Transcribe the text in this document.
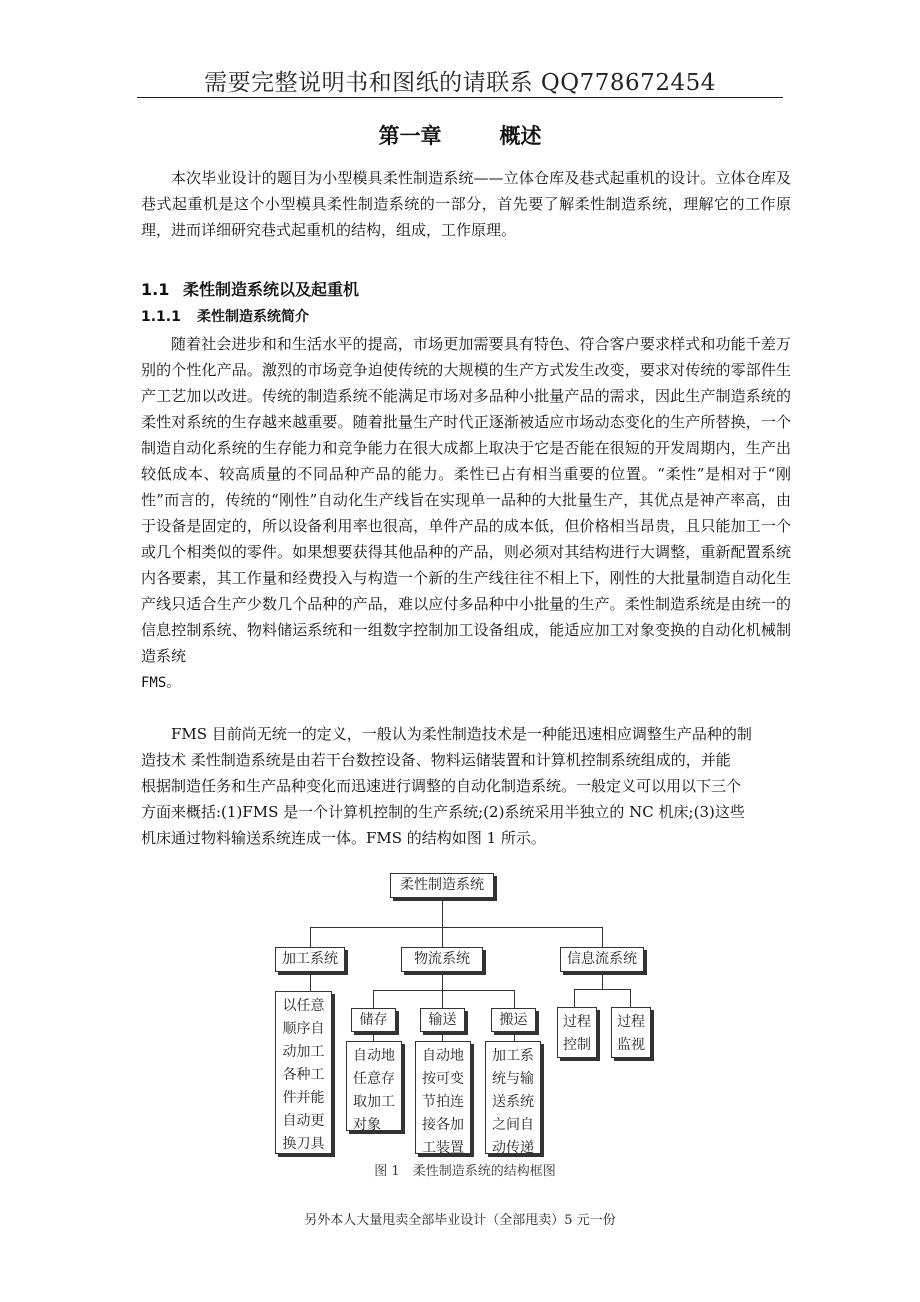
需要完整说明书和图纸的请联系 QQ778672454
第一章	概述

本次毕业设计的题目为小型模具柔性制造系统——立体仓库及巷式起重机的设计。立体仓库及巷式起重机是这个小型模具柔性制造系统的一部分，首先要了解柔性制造系统，理解它的工作原理，进而详细研究巷式起重机的结构，组成，工作原理。

1.1 柔性制造系统以及起重机
1.1.1 柔性制造系统简介

随着社会进步和和生活水平的提高，市场更加需要具有特色、符合客户要求样式和功能千差万别的个性化产品。激烈的市场竞争迫使传统的大规模的生产方式发生改变，要求对传统的零部件生产工艺加以改进。传统的制造系统不能满足市场对多品种小批量产品的需求，因此生产制造系统的柔性对系统的生存越来越重要。随着批量生产时代正逐渐被适应市场动态变化的生产所替换，一个制造自动化系统的生存能力和竞争能力在很大成都上取决于它是否能在很短的开发周期内，生产出较低成本、较高质量的不同品种产品的能力。柔性已占有相当重要的位置。“柔性”是相对于“刚性”而言的，传统的“刚性”自动化生产线旨在实现单一品种的大批量生产，其优点是神产率高，由于设备是固定的，所以设备利用率也很高，单件产品的成本低，但价格相当昂贵，且只能加工一个或几个相类似的零件。如果想要获得其他品种的产品，则必须对其结构进行大调整，重新配置系统内各要素，其工作量和经费投入与构造一个新的生产线往往不相上下，刚性的大批量制造自动化生产线只适合生产少数几个品种的产品，难以应付多品种中小批量的生产。柔性制造系统是由统一的信息控制系统、物料储运系统和一组数字控制加工设备组成，能适应加工对象变换的自动化机械制造系统
FMS。

FMS 目前尚无统一的定义，一般认为柔性制造技术是一种能迅速相应调整生产品种的制
造技术 柔性制造系统是由若干台数控设备、物料运储装置和计算机控制系统组成的，并能
根据制造任务和生产品种变化而迅速进行调整的自动化制造系统。一般定义可以用以下三个
方面来概括:(1)FMS 是一个计算机控制的生产系统;(2)系统采用半独立的 NC 机床;(3)这些
机床通过物料输送系统连成一体。FMS 的结构如图 1 所示。
柔性制造系统
加工系统	物流系统	信息流系统
以任意
顺序自
动加工
各种工
件并能
自动更
换刀具
储存	输送	搬运
自动地
任意存
取加工
对象
自动地
按可变
节拍连
接各加
工装置
加工系
统与输
送系统
之间自
动传递
过程
控制
过程
监视
图 1　柔性制造系统的结构框图
另外本人大量甩卖全部毕业设计（全部甩卖）5 元一份
